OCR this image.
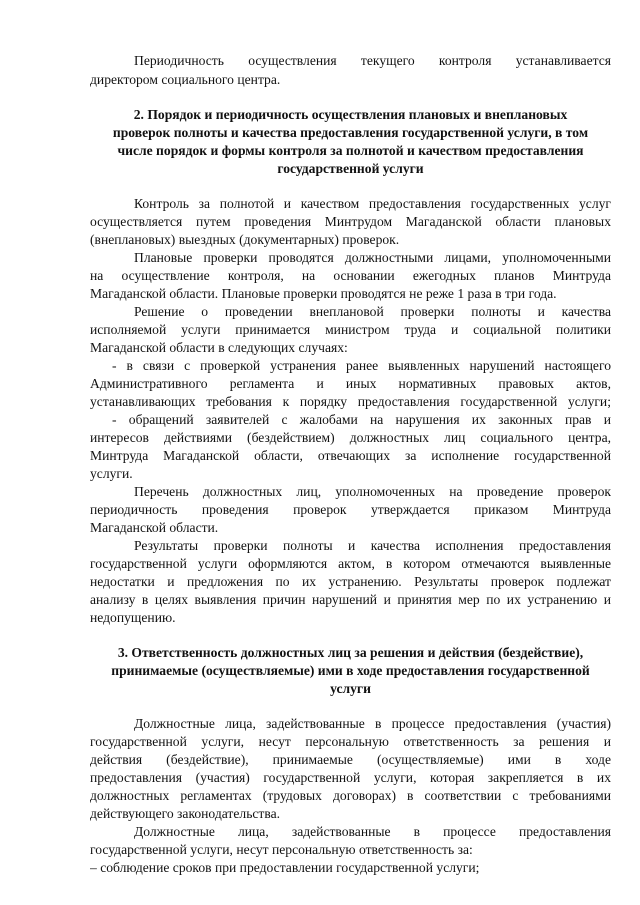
Периодичность осуществления текущего контроля устанавливается
директором социального центра.
2. Порядок и периодичность осуществления плановых и внеплановых
проверок полноты и качества предоставления государственной услуги, в том
числе порядок и формы контроля за полнотой и качеством предоставления
государственной услуги
Контроль за полнотой и качеством предоставления государственных услуг
осуществляется путем проведения Минтрудом Магаданской области плановых
(внеплановых) выездных (документарных) проверок.
Плановые проверки проводятся должностными лицами, уполномоченными
на осуществление контроля, на основании ежегодных планов Минтруда
Магаданской области. Плановые проверки проводятся не реже 1 раза в три года.
Решение о проведении внеплановой проверки полноты и качества
исполняемой услуги принимается министром труда и социальной политики
Магаданской области в следующих случаях:
- в связи с проверкой устранения ранее выявленных нарушений настоящего
Административного регламента и иных нормативных правовых актов,
устанавливающих требования к порядку предоставления государственной услуги;
- обращений заявителей с жалобами на нарушения их законных прав и
интересов действиями (бездействием) должностных лиц социального центра,
Минтруда Магаданской области, отвечающих за исполнение государственной
услуги.
Перечень должностных лиц, уполномоченных на проведение проверок
периодичность проведения проверок утверждается приказом Минтруда
Магаданской области.
Результаты проверки полноты и качества исполнения предоставления
государственной услуги оформляются актом, в котором отмечаются выявленные
недостатки и предложения по их устранению. Результаты проверок подлежат
анализу в целях выявления причин нарушений и принятия мер по их устранению и
недопущению.
3. Ответственность должностных лиц за решения и действия (бездействие),
принимаемые (осуществляемые) ими в ходе предоставления государственной
услуги
Должностные лица, задействованные в процессе предоставления (участия)
государственной услуги, несут персональную ответственность за решения и
действия (бездействие), принимаемые (осуществляемые) ими в ходе
предоставления (участия) государственной услуги, которая закрепляется в их
должностных регламентах (трудовых договорах) в соответствии с требованиями
действующего законодательства.
Должностные лица, задействованные в процессе предоставления
государственной услуги, несут персональную ответственность за:
– соблюдение сроков при предоставлении государственной услуги;
